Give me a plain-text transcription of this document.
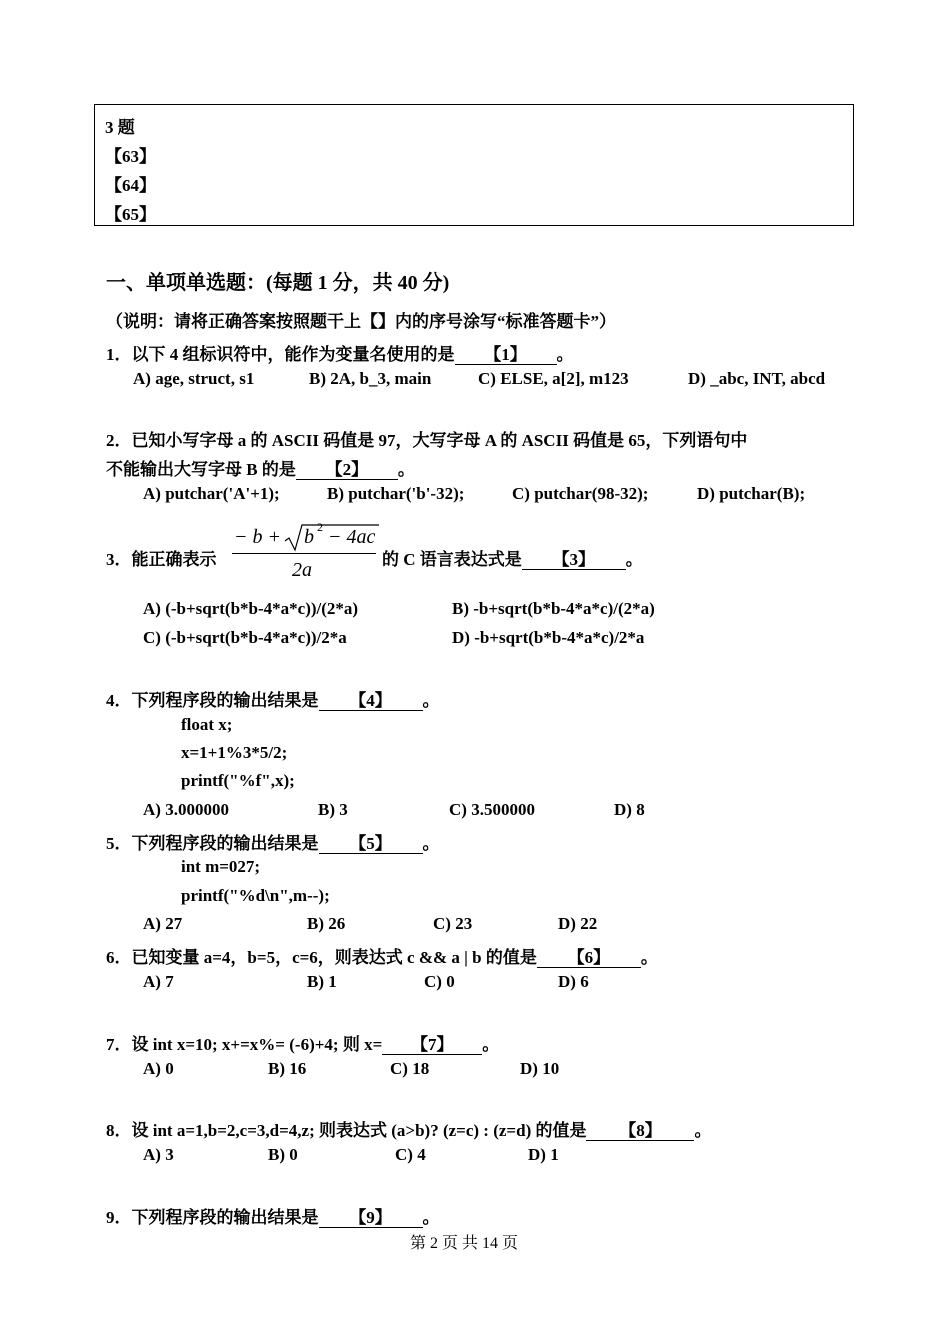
3 题
【63】
【64】
【65】
一、单项单选题：(每题 1 分，共 40 分)
（说明：请将正确答案按照题干上【】内的序号涂写“标准答题卡”）
1．以下 4 组标识符中，能作为变量名使用的是 【1】 。
A) age, struct, s1	B) 2A, b_3, main	C) ELSE, a[2], m123	D) _abc, INT, abcd
2．已知小写字母 a 的 ASCII 码值是 97，大写字母 A 的 ASCII 码值是 65，下列语句中
不能输出大写字母 B 的是 【2】 。
A) putchar('A'+1);	B) putchar('b'-32);	C) putchar(98-32);	D) putchar(B);
3．能正确表示
− b + b 2 − 4ac
2a	的 C 语言表达式是 【3】 。
A) (-b+sqrt(b*b-4*a*c))/(2*a)	B) -b+sqrt(b*b-4*a*c)/(2*a)
C) (-b+sqrt(b*b-4*a*c))/2*a	D) -b+sqrt(b*b-4*a*c)/2*a
4．下列程序段的输出结果是 【4】 。
float x;
x=1+1%3*5/2;
printf("%f",x);
A) 3.000000	B) 3	C) 3.500000	D) 8
5．下列程序段的输出结果是 【5】 。
int m=027;
printf("%d\n",m--);
A) 27	B) 26	C) 23	D) 22
6．已知变量 a=4，b=5，c=6，则表达式 c && a | b 的值是 【6】 。
A) 7	B) 1	C) 0	D) 6
7．设 int x=10; x+=x%= (-6)+4; 则 x= 【7】 。
A) 0	B) 16	C) 18	D) 10
8．设 int a=1,b=2,c=3,d=4,z; 则表达式 (a>b)? (z=c) : (z=d) 的值是 【8】 。
A) 3	B) 0	C) 4	D) 1
9．下列程序段的输出结果是 【9】 。
第 2 页 共 14 页
